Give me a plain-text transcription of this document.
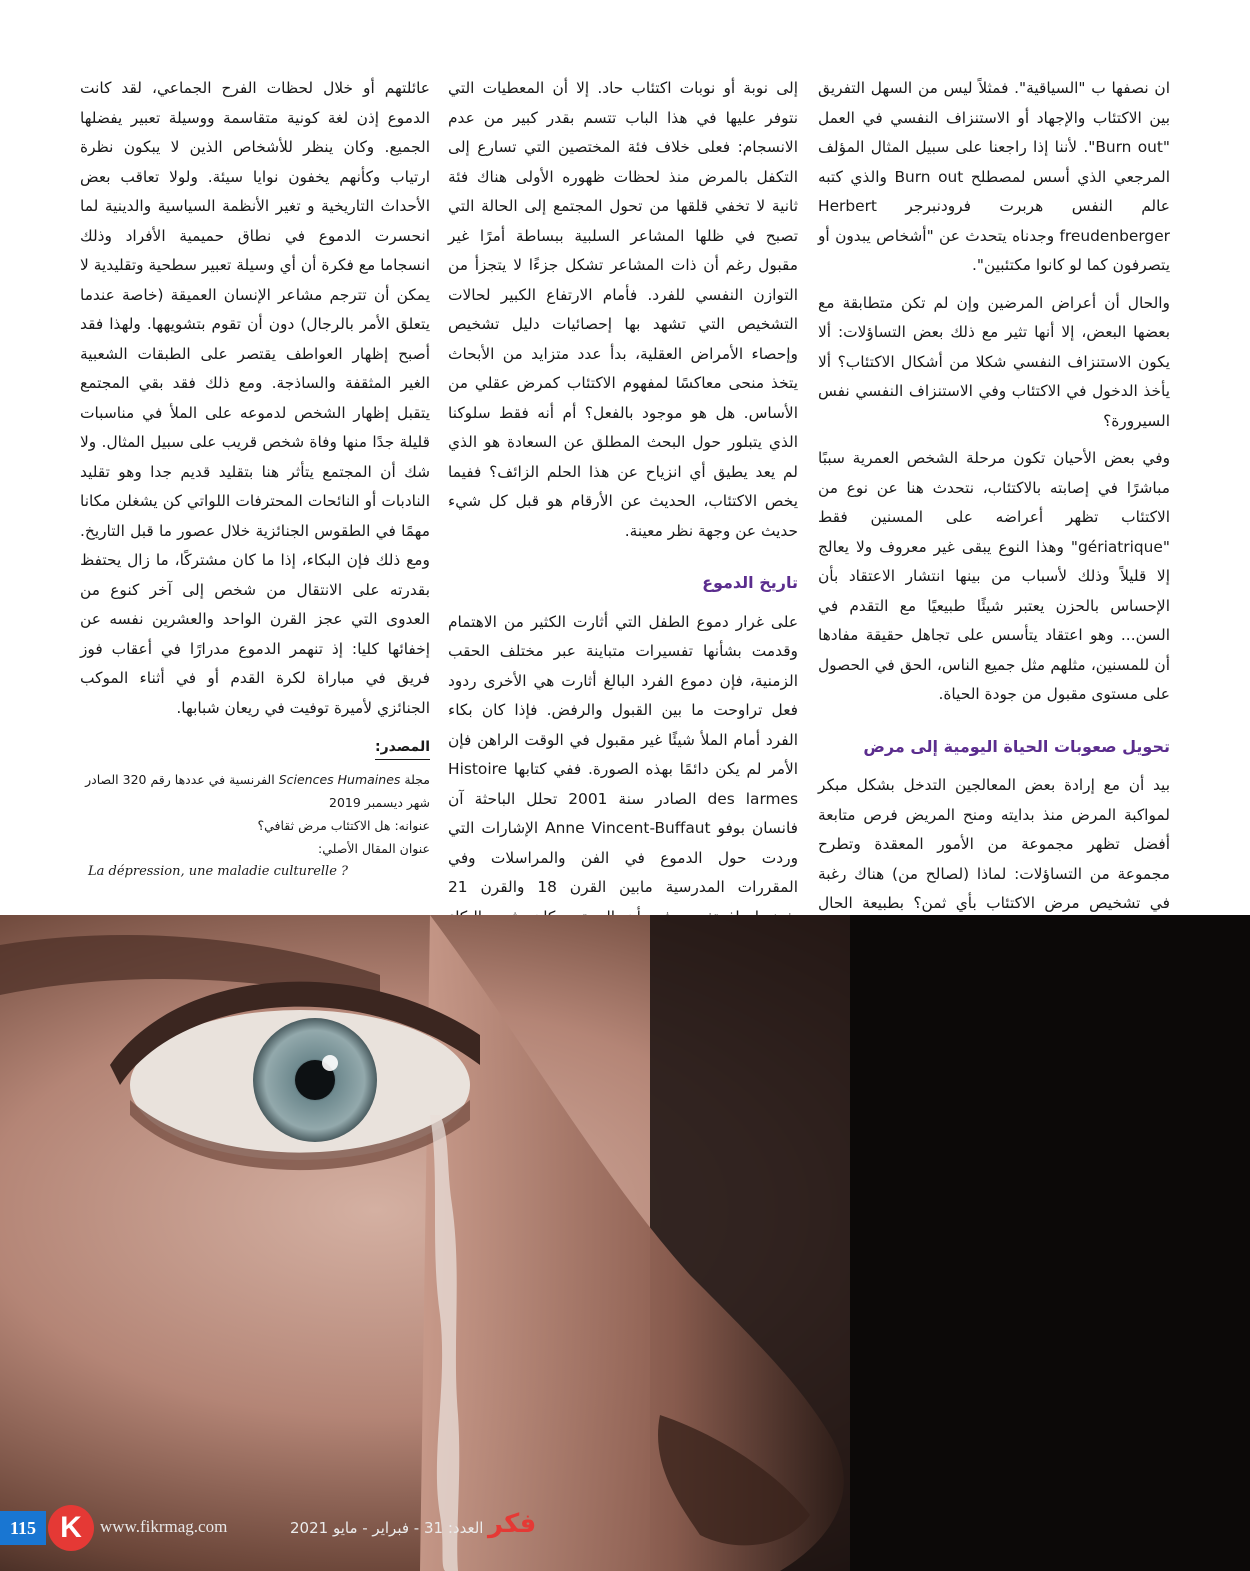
ان نصفها ب "السياقية". فمثلاً ليس من السهل التفريق بين الاكتئاب والإجهاد أو الاستنزاف النفسي في العمل "Burn out". لأننا إذا راجعنا على سبيل المثال المؤلف المرجعي الذي أسس لمصطلح Burn out والذي كتبه عالم النفس هربرت فرودنبرجر Herbert freudenberger وجدناه يتحدث عن "أشخاص يبدون أو يتصرفون كما لو كانوا مكتئبين".

والحال أن أعراض المرضين وإن لم تكن متطابقة مع بعضها البعض، إلا أنها تثير مع ذلك بعض التساؤلات: ألا يكون الاستنزاف النفسي شكلا من أشكال الاكتئاب؟ ألا يأخذ الدخول في الاكتئاب وفي الاستنزاف النفسي نفس السيرورة؟

وفي بعض الأحيان تكون مرحلة الشخص العمرية سببًا مباشرًا في إصابته بالاكتئاب، نتحدث هنا عن نوع من الاكتئاب تظهر أعراضه على المسنين فقط "gériatrique" وهذا النوع يبقى غير معروف ولا يعالج إلا قليلاً وذلك لأسباب من بينها انتشار الاعتقاد بأن الإحساس بالحزن يعتبر شيئًا طبيعيًا مع التقدم في السن... وهو اعتقاد يتأسس على تجاهل حقيقة مفادها أن للمسنين، مثلهم مثل جميع الناس، الحق في الحصول على مستوى مقبول من جودة الحياة.

تحويل صعوبات الحياة اليومية إلى مرض

بيد أن مع إرادة بعض المعالجين التدخل بشكل مبكر لمواكبة المرض منذ بدايته ومنح المريض فرص متابعة أفضل تظهر مجموعة من الأمور المعقدة وتطرح مجموعة من التساؤلات: لماذا (لصالح من) هناك رغبة في تشخيص مرض الاكتئاب بأي ثمن؟ بطبيعة الحال

إلى نوبة أو نوبات اكتئاب حاد. إلا أن المعطيات التي نتوفر عليها في هذا الباب تتسم بقدر كبير من عدم الانسجام: فعلى خلاف فئة المختصين التي تسارع إلى التكفل بالمرض منذ لحظات ظهوره الأولى هناك فئة ثانية لا تخفي قلقها من تحول المجتمع إلى الحالة التي تصبح في ظلها المشاعر السلبية ببساطة أمرًا غير مقبول رغم أن ذات المشاعر تشكل جزءًا لا يتجزأ من التوازن النفسي للفرد. فأمام الارتفاع الكبير لحالات التشخيص التي تشهد بها إحصائيات دليل تشخيص وإحصاء الأمراض العقلية، بدأ عدد متزايد من الأبحاث يتخذ منحى معاكسًا لمفهوم الاكتئاب كمرض عقلي من الأساس. هل هو موجود بالفعل؟ أم أنه فقط سلوكنا الذي يتبلور حول البحث المطلق عن السعادة هو الذي لم يعد يطيق أي انزياح عن هذا الحلم الزائف؟ ففيما يخص الاكتئاب، الحديث عن الأرقام هو قبل كل شيء حديث عن وجهة نظر معينة.

تاريخ الدموع

على غرار دموع الطفل التي أثارت الكثير من الاهتمام وقدمت بشأنها تفسيرات متباينة عبر مختلف الحقب الزمنية، فإن دموع الفرد البالغ أثارت هي الأخرى ردود فعل تراوحت ما بين القبول والرفض. فإذا كان بكاء الفرد أمام الملأ شيئًا غير مقبول في الوقت الراهن فإن الأمر لم يكن دائمًا بهذه الصورة. ففي كتابها Histoire des larmes الصادر سنة 2001 تحلل الباحثة آن فانسان بوفو Anne Vincent-Buffaut الإشارات التي وردت حول الدموع في الفن والمراسلات وفي المقررات المدرسية مابين القرن 18 والقرن 21

عائلتهم أو خلال لحظات الفرح الجماعي، لقد كانت الدموع إذن لغة كونية متقاسمة ووسيلة تعبير يفضلها الجميع. وكان ينظر للأشخاص الذين لا يبكون نظرة ارتياب وكأنهم يخفون نوايا سيئة. ولولا تعاقب بعض الأحداث التاريخية و تغير الأنظمة السياسية والدينية لما انحسرت الدموع في نطاق حميمية الأفراد وذلك انسجاما مع فكرة أن أي وسيلة تعبير سطحية وتقليدية لا يمكن أن تترجم مشاعر الإنسان العميقة (خاصة عندما يتعلق الأمر بالرجال) دون أن تقوم بتشويهها. ولهذا فقد أصبح إظهار العواطف يقتصر على الطبقات الشعبية الغير المثقفة والساذجة. ومع ذلك فقد بقي المجتمع يتقبل إظهار الشخص لدموعه على الملأ في مناسبات قليلة جدًا منها وفاة شخص قريب على سبيل المثال. ولا شك أن المجتمع يتأثر هنا بتقليد قديم جدا وهو تقليد النادبات أو النائحات المحترفات اللواتي كن يشغلن مكانا مهمًا في الطقوس الجنائزية خلال عصور ما قبل التاريخ. ومع ذلك فإن البكاء، إذا ما كان مشتركًا، ما زال يحتفظ بقدرته على الانتقال من شخص إلى آخر كنوع من العدوى التي عجز القرن الواحد والعشرين نفسه عن إخفائها كليا: إذ تنهمر الدموع مدرارًا في أعقاب فوز فريق في مباراة لكرة القدم أو في أثناء الموكب الجنائزي لأميرة توفيت في ريعان شبابها.

المصدر:
مجلة Sciences Humaines الفرنسية في عددها رقم 320 الصادر
شهر ديسمبر 2019
عنوانه: هل الاكتئاب مرض ثقافي؟
عنوان المقال الأصلي:
La dépression, une maladie culturelle ?
115 K	www.fikrmag.com	العدد: 31 - فبراير - مايو 2021 فكر
